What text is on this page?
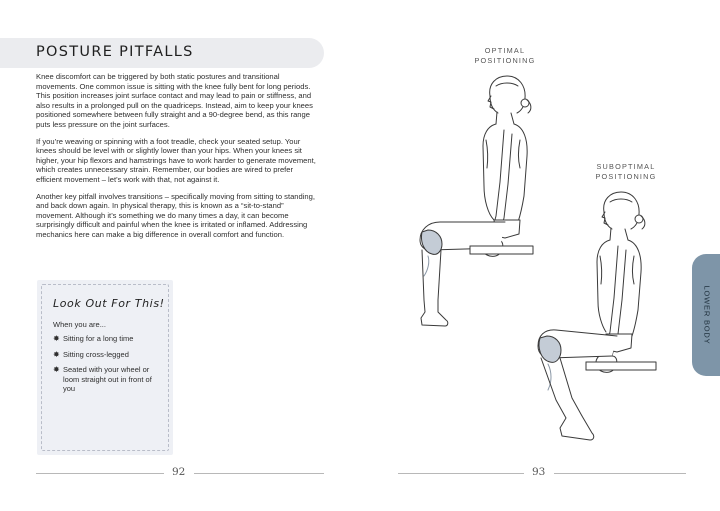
POSTURE PITFALLS

Knee discomfort can be triggered by both static postures and transitional movements. One common issue is sitting with the knee fully bent for long periods. This position increases joint surface contact and may lead to pain or stiffness, and also results in a prolonged pull on the quadriceps. Instead, aim to keep your knees positioned somewhere between fully straight and a 90-degree bend, as this range puts less pressure on the joint surfaces.

If you’re weaving or spinning with a foot treadle, check your seated setup. Your knees should be level with or slightly lower than your hips. When your knees sit higher, your hip flexors and hamstrings have to work harder to generate movement, which creates unnecessary strain. Remember, our bodies are wired to prefer efficient movement – let’s work with that, not against it.

Another key pitfall involves transitions – specifically moving from sitting to standing, and back down again. In physical therapy, this is known as a “sit-to-stand” movement. Although it’s something we do many times a day, it can become surprisingly difficult and painful when the knee is irritated or inflamed. Addressing mechanics here can make a big difference in overall comfort and function.

Look Out For This!

When you are...

✸ Sitting for a long time
✸ Sitting cross-legged
✸ Seated with your wheel or loom straight out in front of you

92

OPTIMAL
POSITIONING

SUBOPTIMAL
POSITIONING

93

LOWER BODY
